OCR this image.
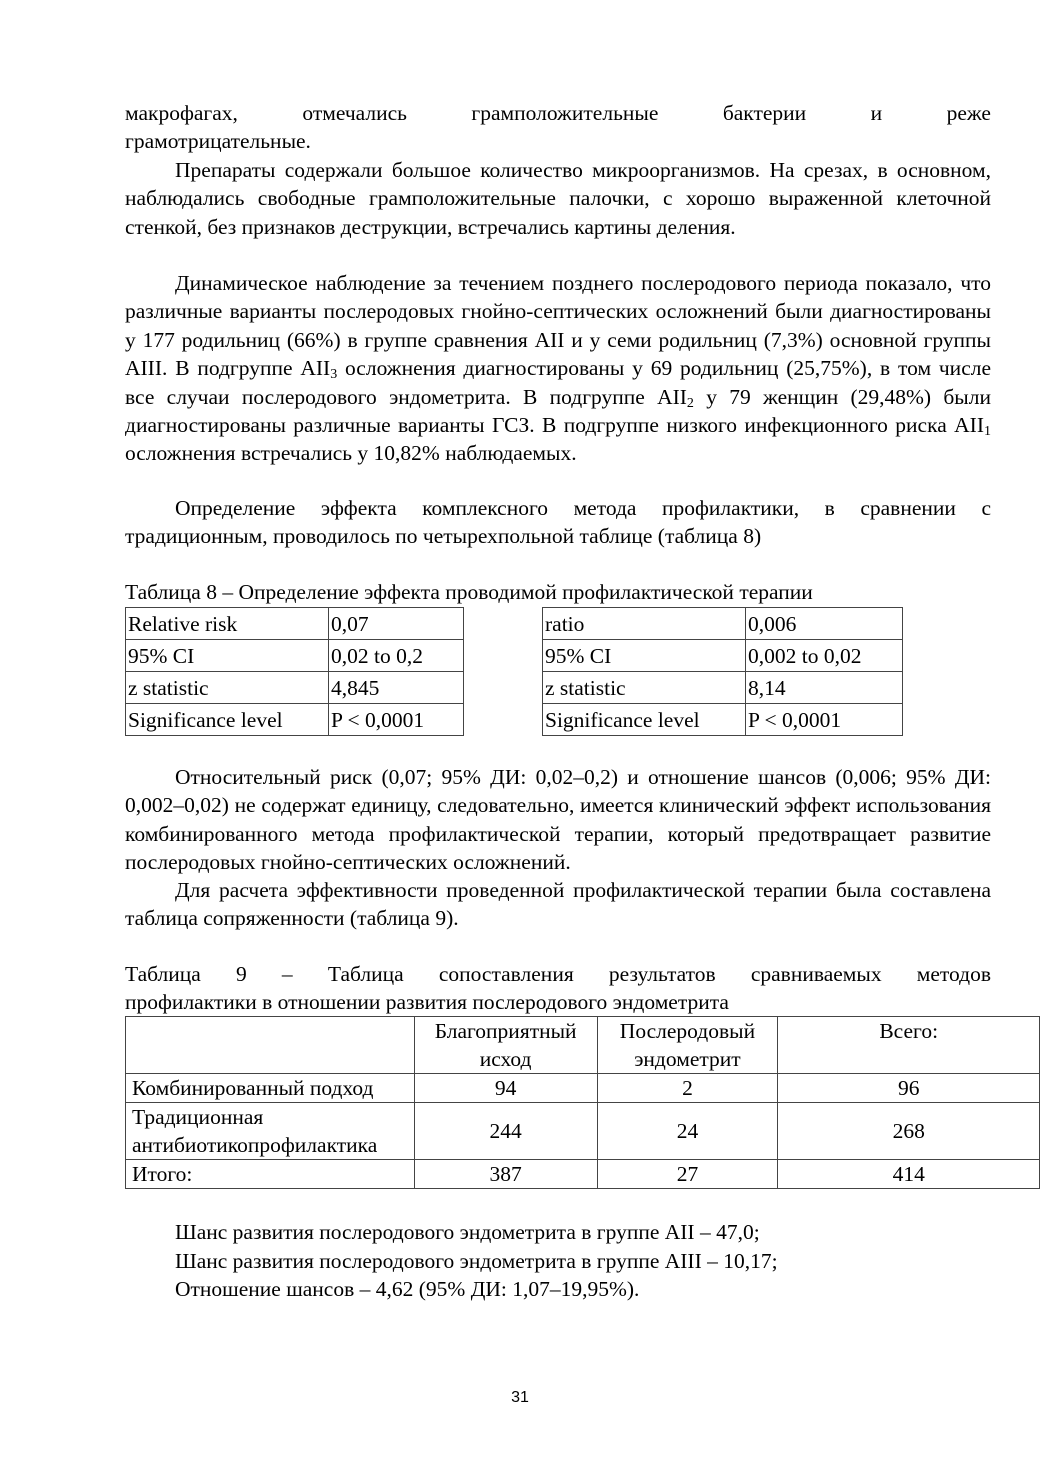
макрофагах,	отмечались	грамположительные	бактерии	и	реже

грамотрицательные.

Препараты содержали большое количество микроорганизмов. На срезах, в основном, наблюдались свободные грамположительные палочки, с хорошо выраженной клеточной стенкой, без признаков деструкции, встречались картины деления.

Динамическое наблюдение за течением позднего послеродового периода показало, что различные варианты послеродовых гнойно-септических осложнений были диагностированы у 177 родильниц (66%) в группе сравнения AII и у семи родильниц (7,3%) основной группы AIII. В подгруппе $AII_3$ осложнения диагностированы у 69 родильниц (25,75%), в том числе все случаи послеродового эндометрита. В подгруппе $AII_2$ у 79 женщин (29,48%) были диагностированы различные варианты ГСЗ. В подгруппе низкого инфекционного риска $AII_1$ осложнения встречались у 10,82% наблюдаемых.

Определение эффекта комплексного метода профилактики, в сравнении с традиционным, проводилось по четырехпольной таблице (таблица 8)

Таблица 8 – Определение эффекта проводимой профилактической терапии

Relative risk	0,07
95% CI	0,02 to 0,2
z statistic	4,845
Significance level	P < 0,0001
ratio	0,006
95% CI	0,002 to 0,02
z statistic	8,14
Significance level	P < 0,0001

Относительный риск (0,07; 95% ДИ: 0,02–0,2) и отношение шансов (0,006; 95% ДИ: 0,002–0,02) не содержат единицу, следовательно, имеется клинический эффект использования комбинированного метода профилактической терапии, который предотвращает развитие послеродовых гнойно-септических осложнений.

Для расчета эффективности проведенной профилактической терапии была составлена таблица сопряженности (таблица 9).

Таблица 9 – Таблица сопоставления результатов сравниваемых методов

профилактики в отношении развития послеродового эндометрита

	Благоприятный исход	Послеродовый эндометрит	Всего:
Комбинированный подход	94	2	96
Традиционная антибиотикопрофилактика	244	24	268
Итого:	387	27	414

Шанс развития послеродового эндометрита в группе AII – 47,0;

Шанс развития послеродового эндометрита в группе AIII – 10,17;

Отношение шансов – 4,62 (95% ДИ: 1,07–19,95%).

31
